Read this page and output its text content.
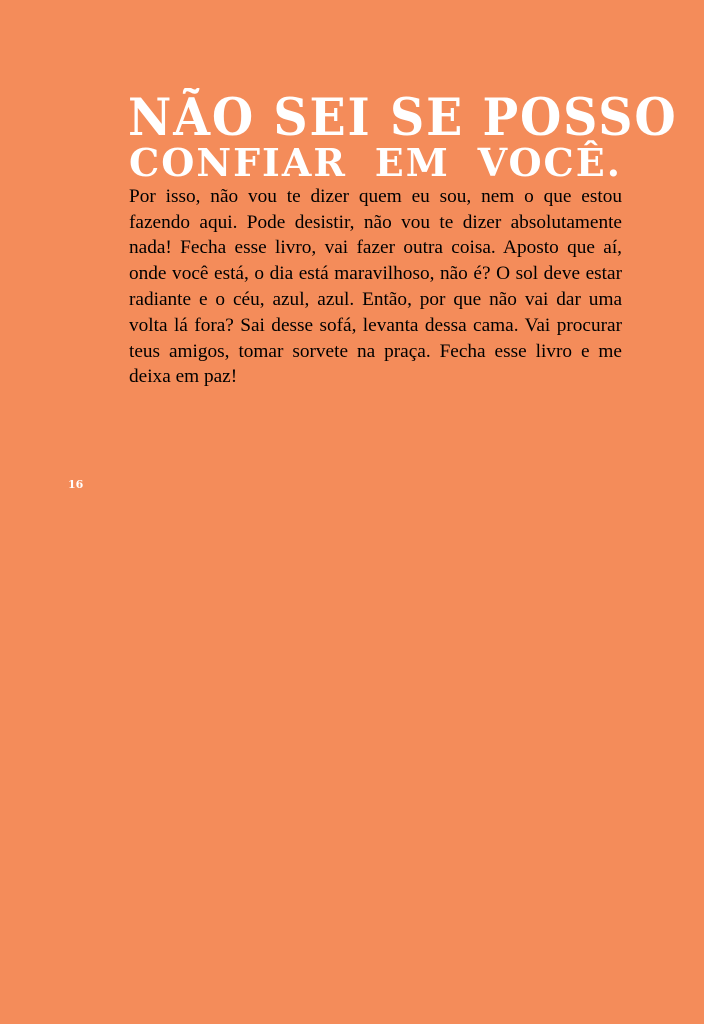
NÃO SEI SE POSSO

CONFIAR EM VOCÊ. Por isso, não vou te dizer quem eu sou, nem o que estou fazendo aqui. Pode desistir, não vou te dizer absolutamente nada! Fecha esse livro, vai fazer outra coisa. Aposto que aí, onde você está, o dia está maravilhoso, não é? O sol deve estar radiante e o céu, azul, azul. Então, por que não vai dar uma volta lá fora? Sai desse sofá, levanta dessa cama. Vai procurar teus amigos, tomar sorvete na praça. Fecha esse livro e me deixa em paz!

16
